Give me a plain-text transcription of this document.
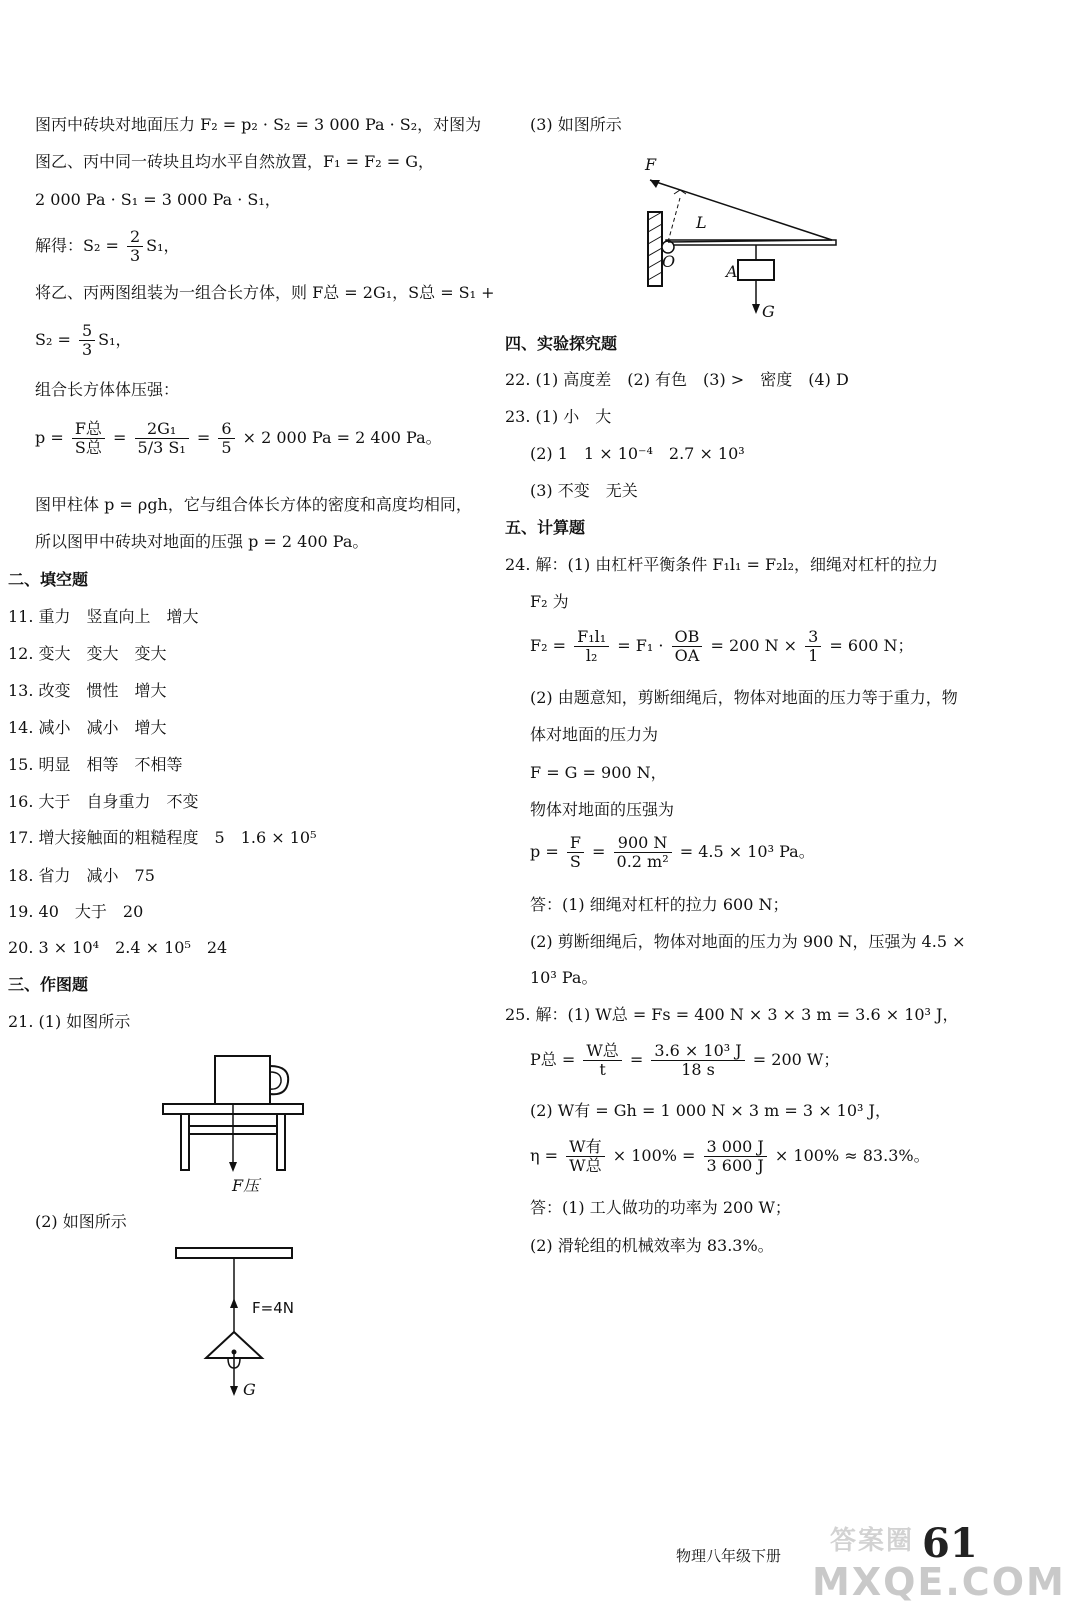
图丙中砖块对地面压力 F₂ = p₂ · S₂ = 3 000 Pa · S₂，对图为
图乙、丙中同一砖块且均水平自然放置，F₁ = F₂ = G，
2 000 Pa · S₁ = 3 000 Pa · S₁，
解得：$S_2 = \frac{2}{3} S_1$，
将乙、丙两图组装为一组合长方体，则 F总 = 2G₁，S总 = S₁ +
$S_2 = \frac{5}{3} S_1$，
组合长方体体压强：
$p = \frac{\text{F总}}{\text{S总}} = \frac{\text{2G₁}}{\text{5/3 S₁}} = \frac{6}{5} \times 2$ 000 Pa = 2 400 Pa。
图甲柱体 p = ρgh，它与组合体长方体的密度和高度均相同，
所以图甲中砖块对地面的压强 p = 2 400 Pa。
二、填空题
11. 重力　竖直向上　增大
12. 变大　变大　变大
13. 改变　惯性　增大
14. 减小　减小　增大
15. 明显　相等　不相等
16. 大于　自身重力　不变
17. 增大接触面的粗糙程度　5　1.6 × 10⁵
18. 省力　减小　75
19. 40　大于　20
20. 3 × 10⁴　2.4 × 10⁵　24
三、作图题
21. (1) 如图所示
F压
(2) 如图所示
F=4N
G
(3) 如图所示
F
L
O
A
G
四、实验探究题
22. (1) 高度差　(2) 有色　(3) >　密度　(4) D
23. (1) 小　大
(2) 1　1 × 10⁻⁴　2.7 × 10³
(3) 不变　无关
五、计算题
24. 解：(1) 由杠杆平衡条件 F₁l₁ = F₂l₂，细绳对杠杆的拉力
F₂ 为
$F_2 = \frac{\text{F₁l₁}}{\text{l₂}} = F_1 \cdot \frac{OB}{OA} = 200$ $N \times \frac{3}{1} = 600$ N；
(2) 由题意知，剪断细绳后，物体对地面的压力等于重力，物
体对地面的压力为
F = G = 900 N，
物体对地面的压强为
$p = \frac{F}{S} = \frac{900 N}{\text{0.2 m²}} = 4.5 \times 10^3$ Pa。
答：(1) 细绳对杠杆的拉力 600 N；
(2) 剪断细绳后，物体对地面的压力为 900 N，压强为 4.5 ×
10³ Pa。
25. 解：(1) W总 = Fs = 400 N × 3 × 3 m = 3.6 × 10³ J，
P总 = $\frac{\text{W总}}{t} = \frac{\text{3.6 × 10³ J}}{18 s} = 200$ W；
(2) W有 = Gh = 1 000 N × 3 m = 3 × 10³ J，
$\eta = \frac{\text{W有}}{\text{W总}} \times 100\% = \frac{3 000 J}{3 600 J} \times 100\% \approx 83.3\%$。
答：(1) 工人做功的功率为 200 W；
(2) 滑轮组的机械效率为 83.3%。
物理八年级下册	61
答案圈
MXQE.COM
